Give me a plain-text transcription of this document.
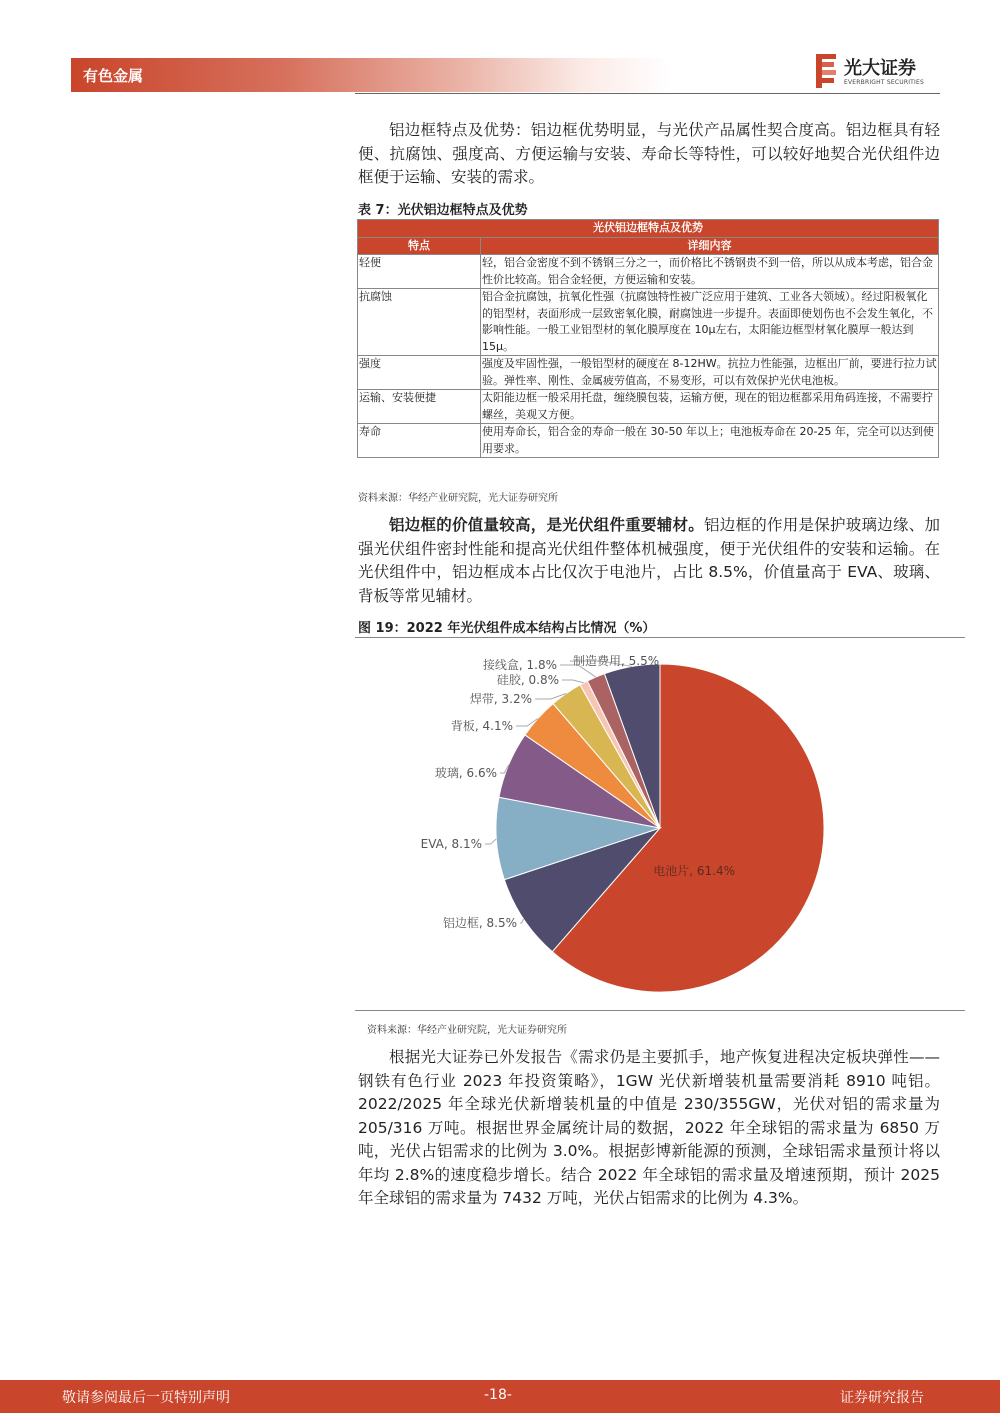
有色金属	光大证券
EVERBRIGHT SECURITIES

铝边框特点及优势：铝边框优势明显，与光伏产品属性契合度高。铝边框具有轻便、抗腐蚀、强度高、方便运输与安装、寿命长等特性，可以较好地契合光伏组件边框便于运输、安装的需求。

表 7：光伏铝边框特点及优势
光伏铝边框特点及优势	
特点	详细内容
轻便	轻，铝合金密度不到不锈钢三分之一，而价格比不锈钢贵不到一倍，所以从成本考虑，铝合金性价比较高。铝合金轻便，方便运输和安装。
抗腐蚀	铝合金抗腐蚀，抗氧化性强（抗腐蚀特性被广泛应用于建筑、工业各大领域）。经过阳极氧化的铝型材，表面形成一层致密氧化膜，耐腐蚀进一步提升。表面即使划伤也不会发生氧化，不影响性能。一般工业铝型材的氧化膜厚度在 10μ左右，太阳能边框型材氧化膜厚一般达到 15μ。
强度	强度及牢固性强，一般铝型材的硬度在 8-12HW。抗拉力性能强，边框出厂前，要进行拉力试验。弹性率、刚性、金属疲劳值高，不易变形，可以有效保护光伏电池板。
运输、安装便捷	太阳能边框一般采用托盘，缠绕膜包装，运输方便，现在的铝边框都采用角码连接，不需要拧螺丝，美观又方便。
寿命	使用寿命长，铝合金的寿命一般在 30-50 年以上；电池板寿命在 20-25 年，完全可以达到使用要求。
资料来源：华经产业研究院，光大证券研究所

铝边框的价值量较高，是光伏组件重要辅材。铝边框的作用是保护玻璃边缘、加强光伏组件密封性能和提高光伏组件整体机械强度，便于光伏组件的安装和运输。在光伏组件中，铝边框成本占比仅次于电池片，占比 8.5%，价值量高于 EVA、玻璃、背板等常见辅材。

图 19：2022 年光伏组件成本结构占比情况（%）
电池片, 61.4%
铝边框, 8.5%
EVA, 8.1%
玻璃, 6.6%
背板, 4.1%
焊带, 3.2%
硅胶, 0.8%
接线盒, 1.8% 制造费用, 5.5%
资料来源：华经产业研究院，光大证券研究所

根据光大证券已外发报告《需求仍是主要抓手，地产恢复进程决定板块弹性——钢铁有色行业 2023 年投资策略》，1GW 光伏新增装机量需要消耗 8910 吨铝。2022/2025 年全球光伏新增装机量的中值是 230/355GW，光伏对铝的需求量为 205/316 万吨。根据世界金属统计局的数据，2022 年全球铝的需求量为 6850 万吨，光伏占铝需求的比例为 3.0%。根据彭博新能源的预测，全球铝需求量预计将以年均 2.8%的速度稳步增长。结合 2022 年全球铝的需求量及增速预期，预计 2025 年全球铝的需求量为 7432 万吨，光伏占铝需求的比例为 4.3%。

敬请参阅最后一页特别声明	-18-	证券研究报告
